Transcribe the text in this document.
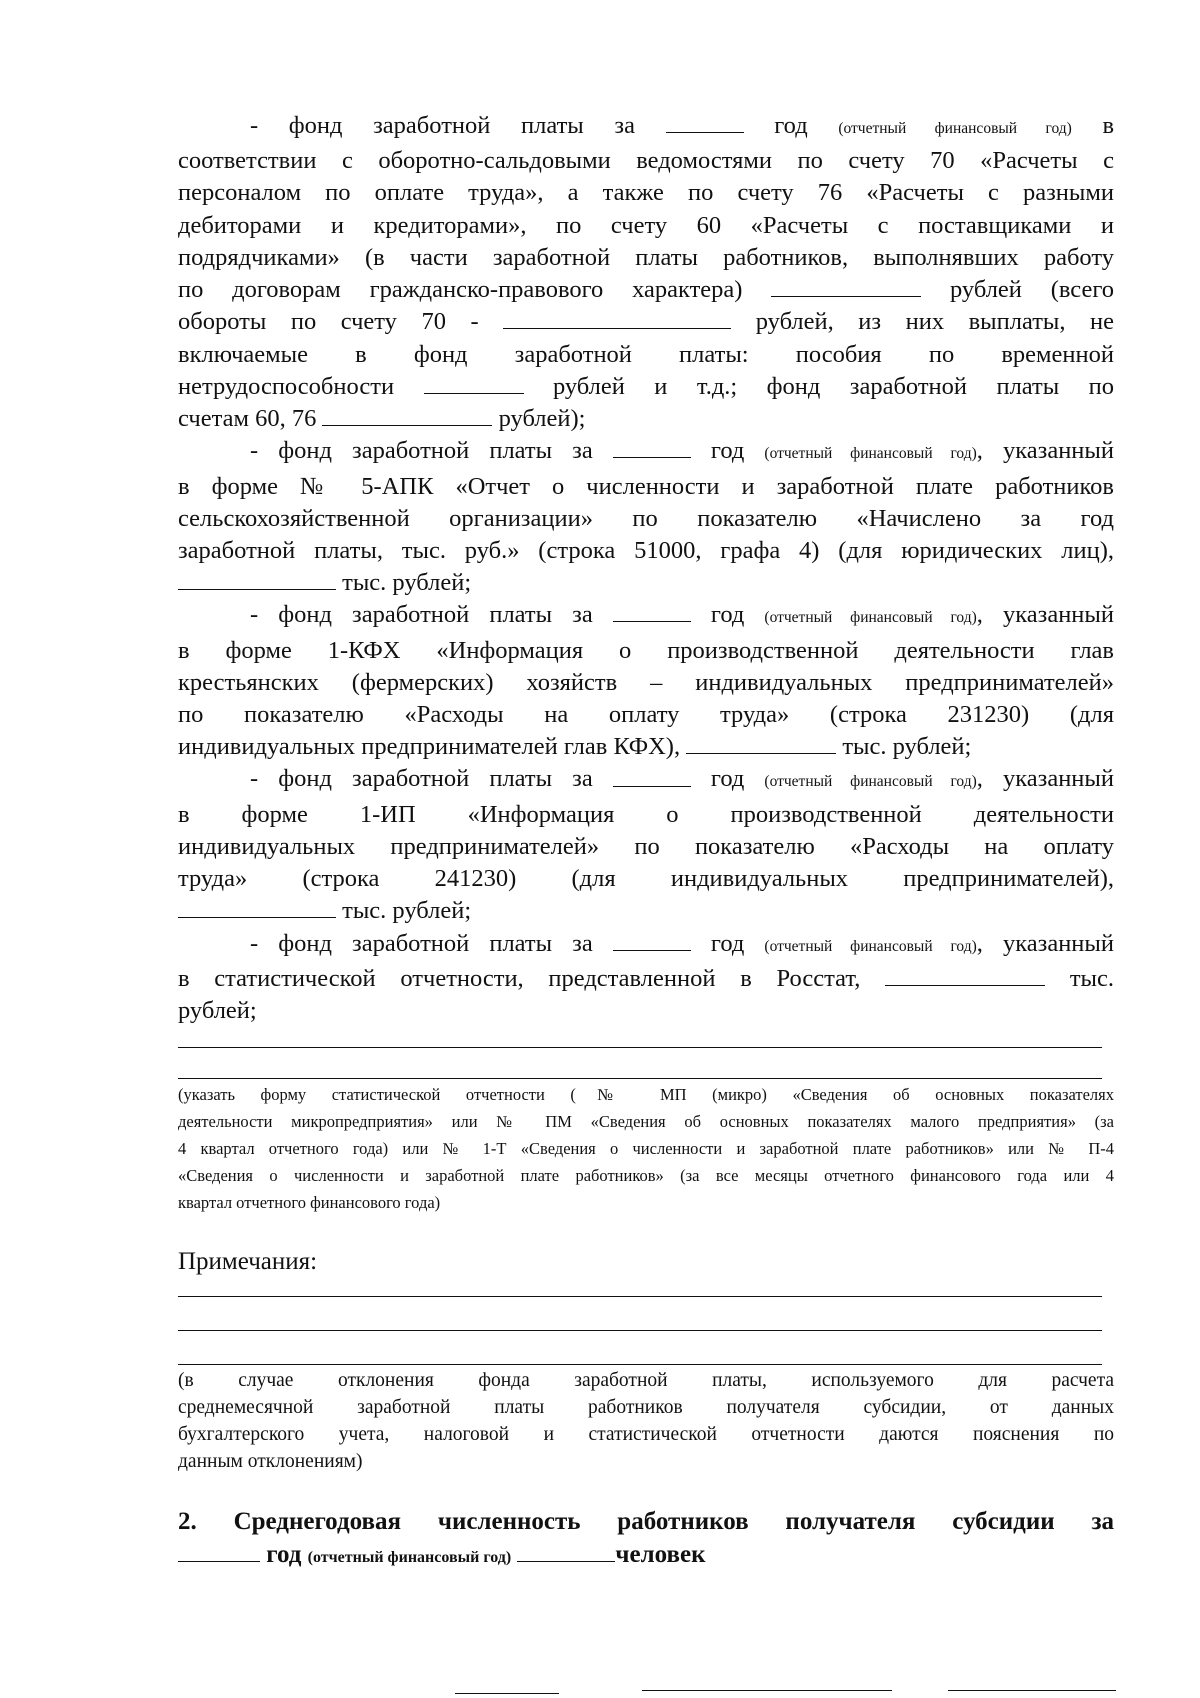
- фонд заработной платы за	год (отчетный финансовый год) в

соответствии с оборотно-сальдовыми ведомостями по счету 70 «Расчеты с

персоналом по оплате труда», а также по счету 76 «Расчеты с разными

дебиторами и кредиторами», по счету 60 «Расчеты с поставщиками и

подрядчиками» (в части заработной платы работников, выполнявших работу

по договорам гражданско-правового характера)	рублей (всего

обороты по счету 70 -	рублей, из них выплаты, не

включаемые в фонд заработной платы: пособия по временной

нетрудоспособности	рублей и т.д.; фонд заработной платы по

счетам 60, 76	рублей);

- фонд заработной платы за	год (отчетный финансовый год), указанный

в форме № 5-АПК «Отчет о численности и заработной плате работников

сельскохозяйственной организации» по показателю «Начислено за год

заработной платы, тыс. руб.» (строка 51000, графа 4) (для юридических лиц),

тыс. рублей;

- фонд заработной платы за	год (отчетный финансовый год), указанный

в форме 1-КФХ «Информация о производственной деятельности глав

крестьянских (фермерских) хозяйств – индивидуальных предпринимателей»

по показателю «Расходы на оплату труда» (строка 231230) (для

индивидуальных предпринимателей глав КФХ),	тыс. рублей;

- фонд заработной платы за	год (отчетный финансовый год), указанный

в форме 1-ИП «Информация о производственной деятельности

индивидуальных предпринимателей» по показателю «Расходы на оплату

труда» (строка 241230) (для индивидуальных предпринимателей),

тыс. рублей;

- фонд заработной платы за	год (отчетный финансовый год), указанный

в статистической отчетности, представленной в Росстат,	тыс.

рублей;

(указать форму статистической отчетности (№ МП (микро) «Сведения об основных показателях

деятельности микропредприятия» или № ПМ «Сведения об основных показателях малого предприятия» (за

4 квартал отчетного года) или № 1-Т «Сведения о численности и заработной плате работников» или № П-4

«Сведения о численности и заработной плате работников» (за все месяцы отчетного финансового года или 4

квартал отчетного финансового года)

Примечания:

(в случае отклонения фонда заработной платы, используемого для расчета

среднемесячной заработной платы работников получателя субсидии, от данных

бухгалтерского учета, налоговой и статистической отчетности даются пояснения по

данным отклонениям)

2. Среднегодовая численность работников получателя субсидии за

год (отчетный финансовый год)	человек
